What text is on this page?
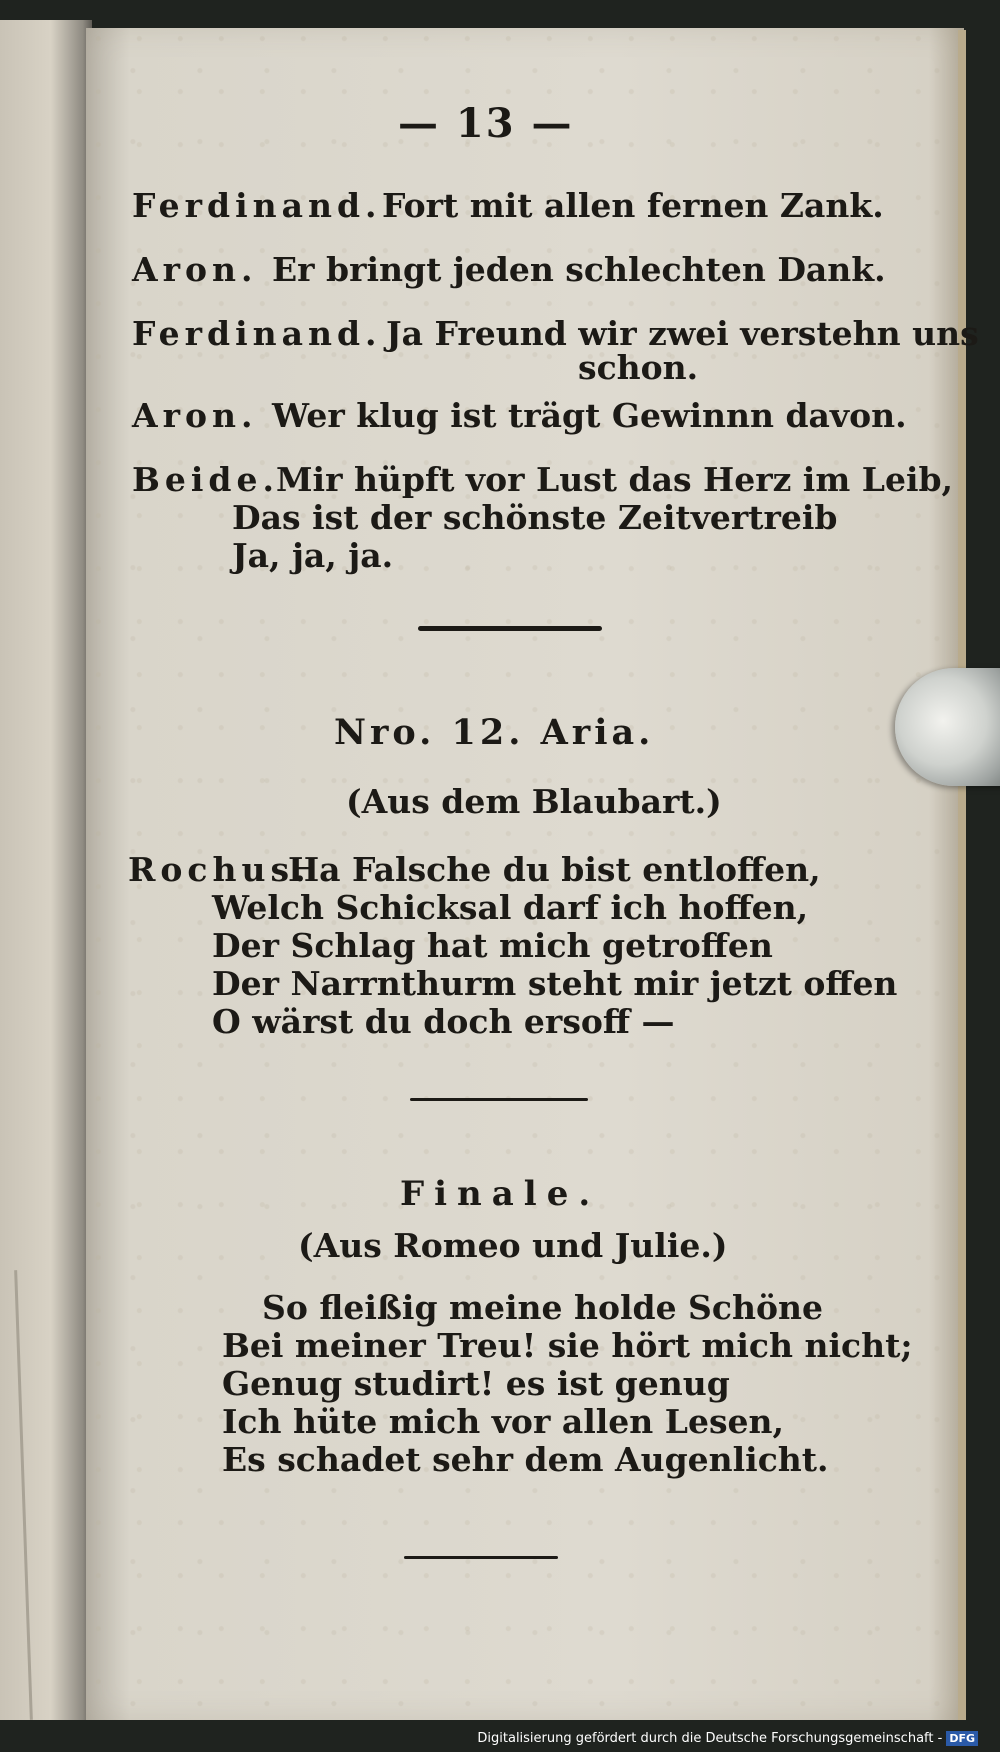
— 13 —
Ferdinand. Fort mit allen fernen Zank.
Aron. Er bringt jeden schlechten Dank.
Ferdinand. Ja Freund wir zwei verstehn uns
schon.
Aron. Wer klug ist trägt Gewinnn davon.
Beide.
Mir hüpft vor Lust das Herz im Leib,
Das ist der schönste Zeitvertreib
Ja, ja, ja.
Nro. 12. Aria.
(Aus dem Blaubart.)
Rochus.
Ha Falsche du bist entloffen,
Welch Schicksal darf ich hoffen,
Der Schlag hat mich getroffen
Der Narrnthurm steht mir jetzt offen
O wärst du doch ersoff —
Finale.
(Aus Romeo und Julie.)
So fleißig meine holde Schöne
Bei meiner Treu! sie hört mich nicht;
Genug studirt! es ist genug
Ich hüte mich vor allen Lesen,
Es schadet sehr dem Augenlicht.
Digitalisierung gefördert durch die Deutsche Forschungsgemeinschaft - DFG
